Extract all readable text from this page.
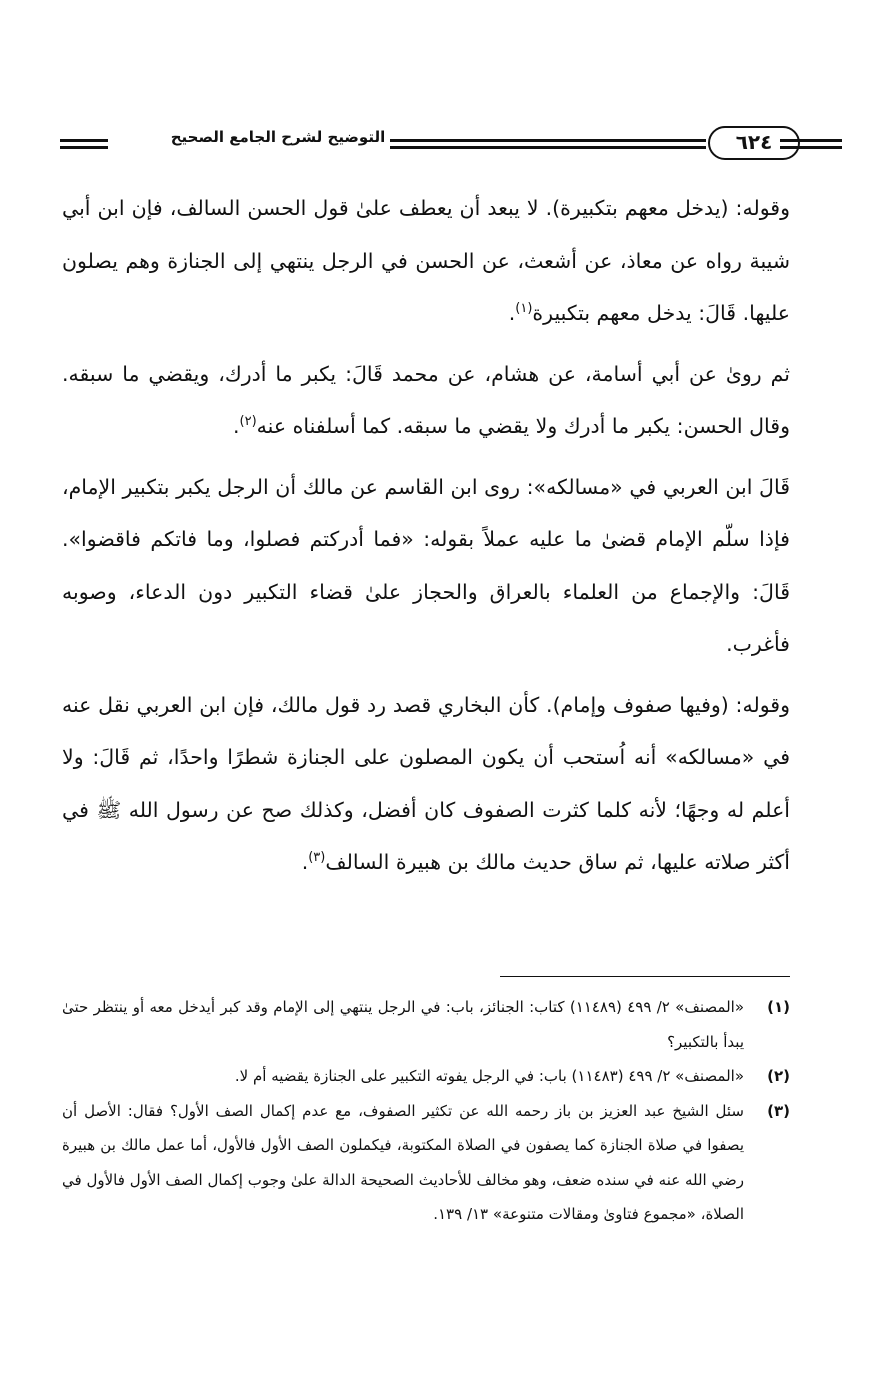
٦٢٤
التوضيح لشرح الجامع الصحيح

وقوله: (يدخل معهم بتكبيرة). لا يبعد أن يعطف علىٰ قول الحسن السالف، فإن ابن أبي شيبة رواه عن معاذ، عن أشعث، عن الحسن في الرجل ينتهي إلى الجنازة وهم يصلون عليها. قَالَ: يدخل معهم بتكبيرة$^{(١)}$.

ثم روىٰ عن أبي أسامة، عن هشام، عن محمد قَالَ: يكبر ما أدرك، ويقضي ما سبقه. وقال الحسن: يكبر ما أدرك ولا يقضي ما سبقه. كما أسلفناه عنه$^{(٢)}$.

قَالَ ابن العربي في «مسالكه»: روى ابن القاسم عن مالك أن الرجل يكبر بتكبير الإمام، فإذا سلّم الإمام قضىٰ ما عليه عملاً بقوله: «فما أدركتم فصلوا، وما فاتكم فاقضوا». قَالَ: والإجماع من العلماء بالعراق والحجاز علىٰ قضاء التكبير دون الدعاء، وصوبه فأغرب.

وقوله: (وفيها صفوف وإمام). كأن البخاري قصد رد قول مالك، فإن ابن العربي نقل عنه في «مسالكه» أنه اُستحب أن يكون المصلون على الجنازة شطرًا واحدًا، ثم قَالَ: ولا أعلم له وجهًا؛ لأنه كلما كثرت الصفوف كان أفضل، وكذلك صح عن رسول الله ﷺ في أكثر صلاته عليها، ثم ساق حديث مالك بن هبيرة السالف$^{(٣)}$.

(١)
«المصنف» ٢/ ٤٩٩ (١١٤٨٩) كتاب: الجنائز، باب: في الرجل ينتهي إلى الإمام وقد كبر أيدخل معه أو ينتظر حتىٰ يبدأ بالتكبير؟
(٢)
«المصنف» ٢/ ٤٩٩ (١١٤٨٣) باب: في الرجل يفوته التكبير على الجنازة يقضيه أم لا.
(٣)
سئل الشيخ عبد العزيز بن باز رحمه الله عن تكثير الصفوف، مع عدم إكمال الصف الأول؟ فقال: الأصل أن يصفوا في صلاة الجنازة كما يصفون في الصلاة المكتوبة، فيكملون الصف الأول فالأول، أما عمل مالك بن هبيرة رضي الله عنه في سنده ضعف، وهو مخالف للأحاديث الصحيحة الدالة علىٰ وجوب إكمال الصف الأول فالأول في الصلاة، «مجموع فتاوىٰ ومقالات متنوعة» ١٣/ ١٣٩.
